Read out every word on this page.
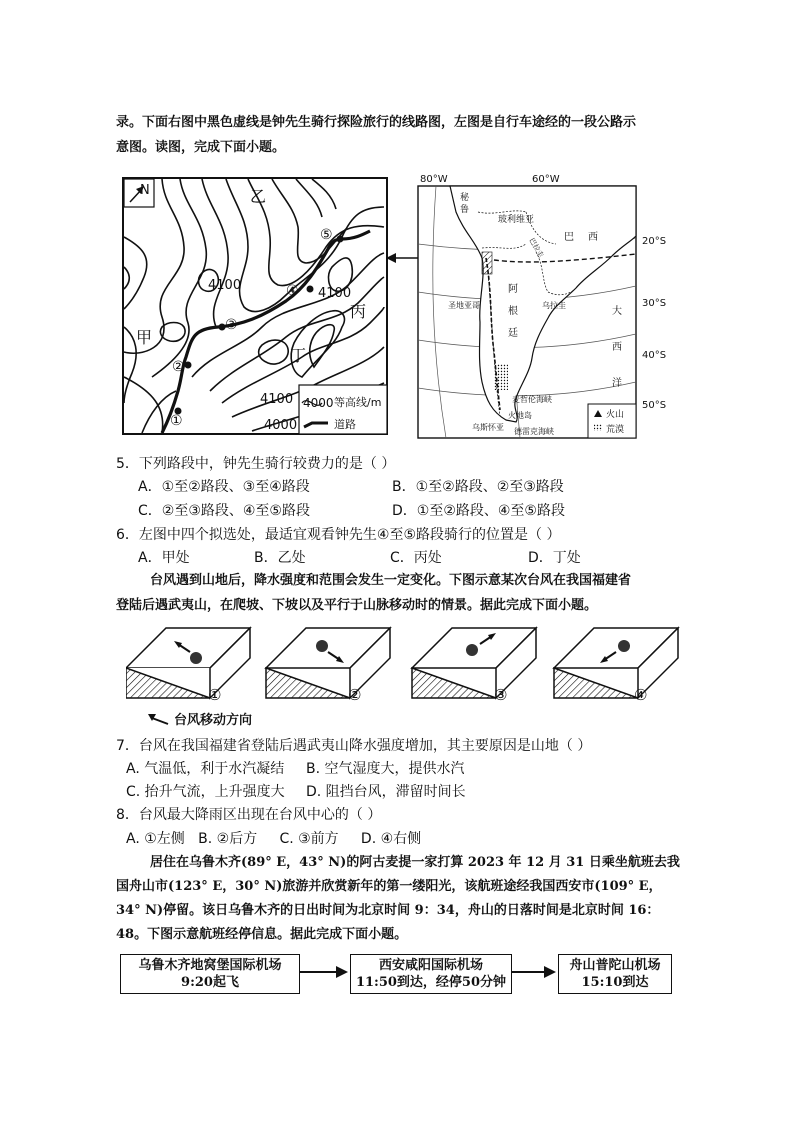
录。下面右图中黑色虚线是钟先生骑行探险旅行的线路图，左图是自行车途经的一段公路示
意图。读图，完成下面小题。
N
①
②
③
④
⑤
乙
甲
丙
丁
4100
4100
4100
4000
4000 等高线/m
道路
80°W	60°W
秘
鲁
玻利维亚
巴 西
巴拉圭
圣地亚哥	乌拉圭
阿
根
廷
大
西
洋
麦哲伦海峡
火地岛
乌斯怀亚 德雷克海峡
20°S
30°S
40°S
50°S
火山
荒漠
5．下列路段中，钟先生骑行较费力的是（ ）
A．①至②路段、③至④路段	B．①至②路段、②至③路段
C．②至③路段、④至⑤路段	D．①至②路段、④至⑤路段
6．左图中四个拟选处，最适宜观看钟先生④至⑤路段骑行的位置是（ ）
A．甲处	B．乙处	C．丙处	D．丁处
台风遇到山地后，降水强度和范围会发生一定变化。下图示意某次台风在我国福建省
登陆后遇武夷山，在爬坡、下坡以及平行于山脉移动时的情景。据此完成下面小题。
①	②	③	④
台风移动方向
7．台风在我国福建省登陆后遇武夷山降水强度增加，其主要原因是山地（ ）
A. 气温低，利于水汽凝结 B. 空气湿度大，提供水汽
C. 抬升气流，上升强度大 D. 阻挡台风，滞留时间长
8．台风最大降雨区出现在台风中心的（ ）
A. ①左侧   B. ②后方     C. ③前方     D. ④右侧
居住在乌鲁木齐(89° E，43° N)的阿古麦提一家打算 2023 年 12 月 31 日乘坐航班去我
国舟山市(123° E，30° N)旅游并欣赏新年的第一缕阳光，该航班途经我国西安市(109° E，
34° N)停留。该日乌鲁木齐的日出时间为北京时间 9：34，舟山的日落时间是北京时间 16：
48。下图示意航班经停信息。据此完成下面小题。
乌鲁木齐地窝堡国际机场
9:20起飞
西安咸阳国际机场
11:50到达，经停50分钟
舟山普陀山机场
15:10到达
